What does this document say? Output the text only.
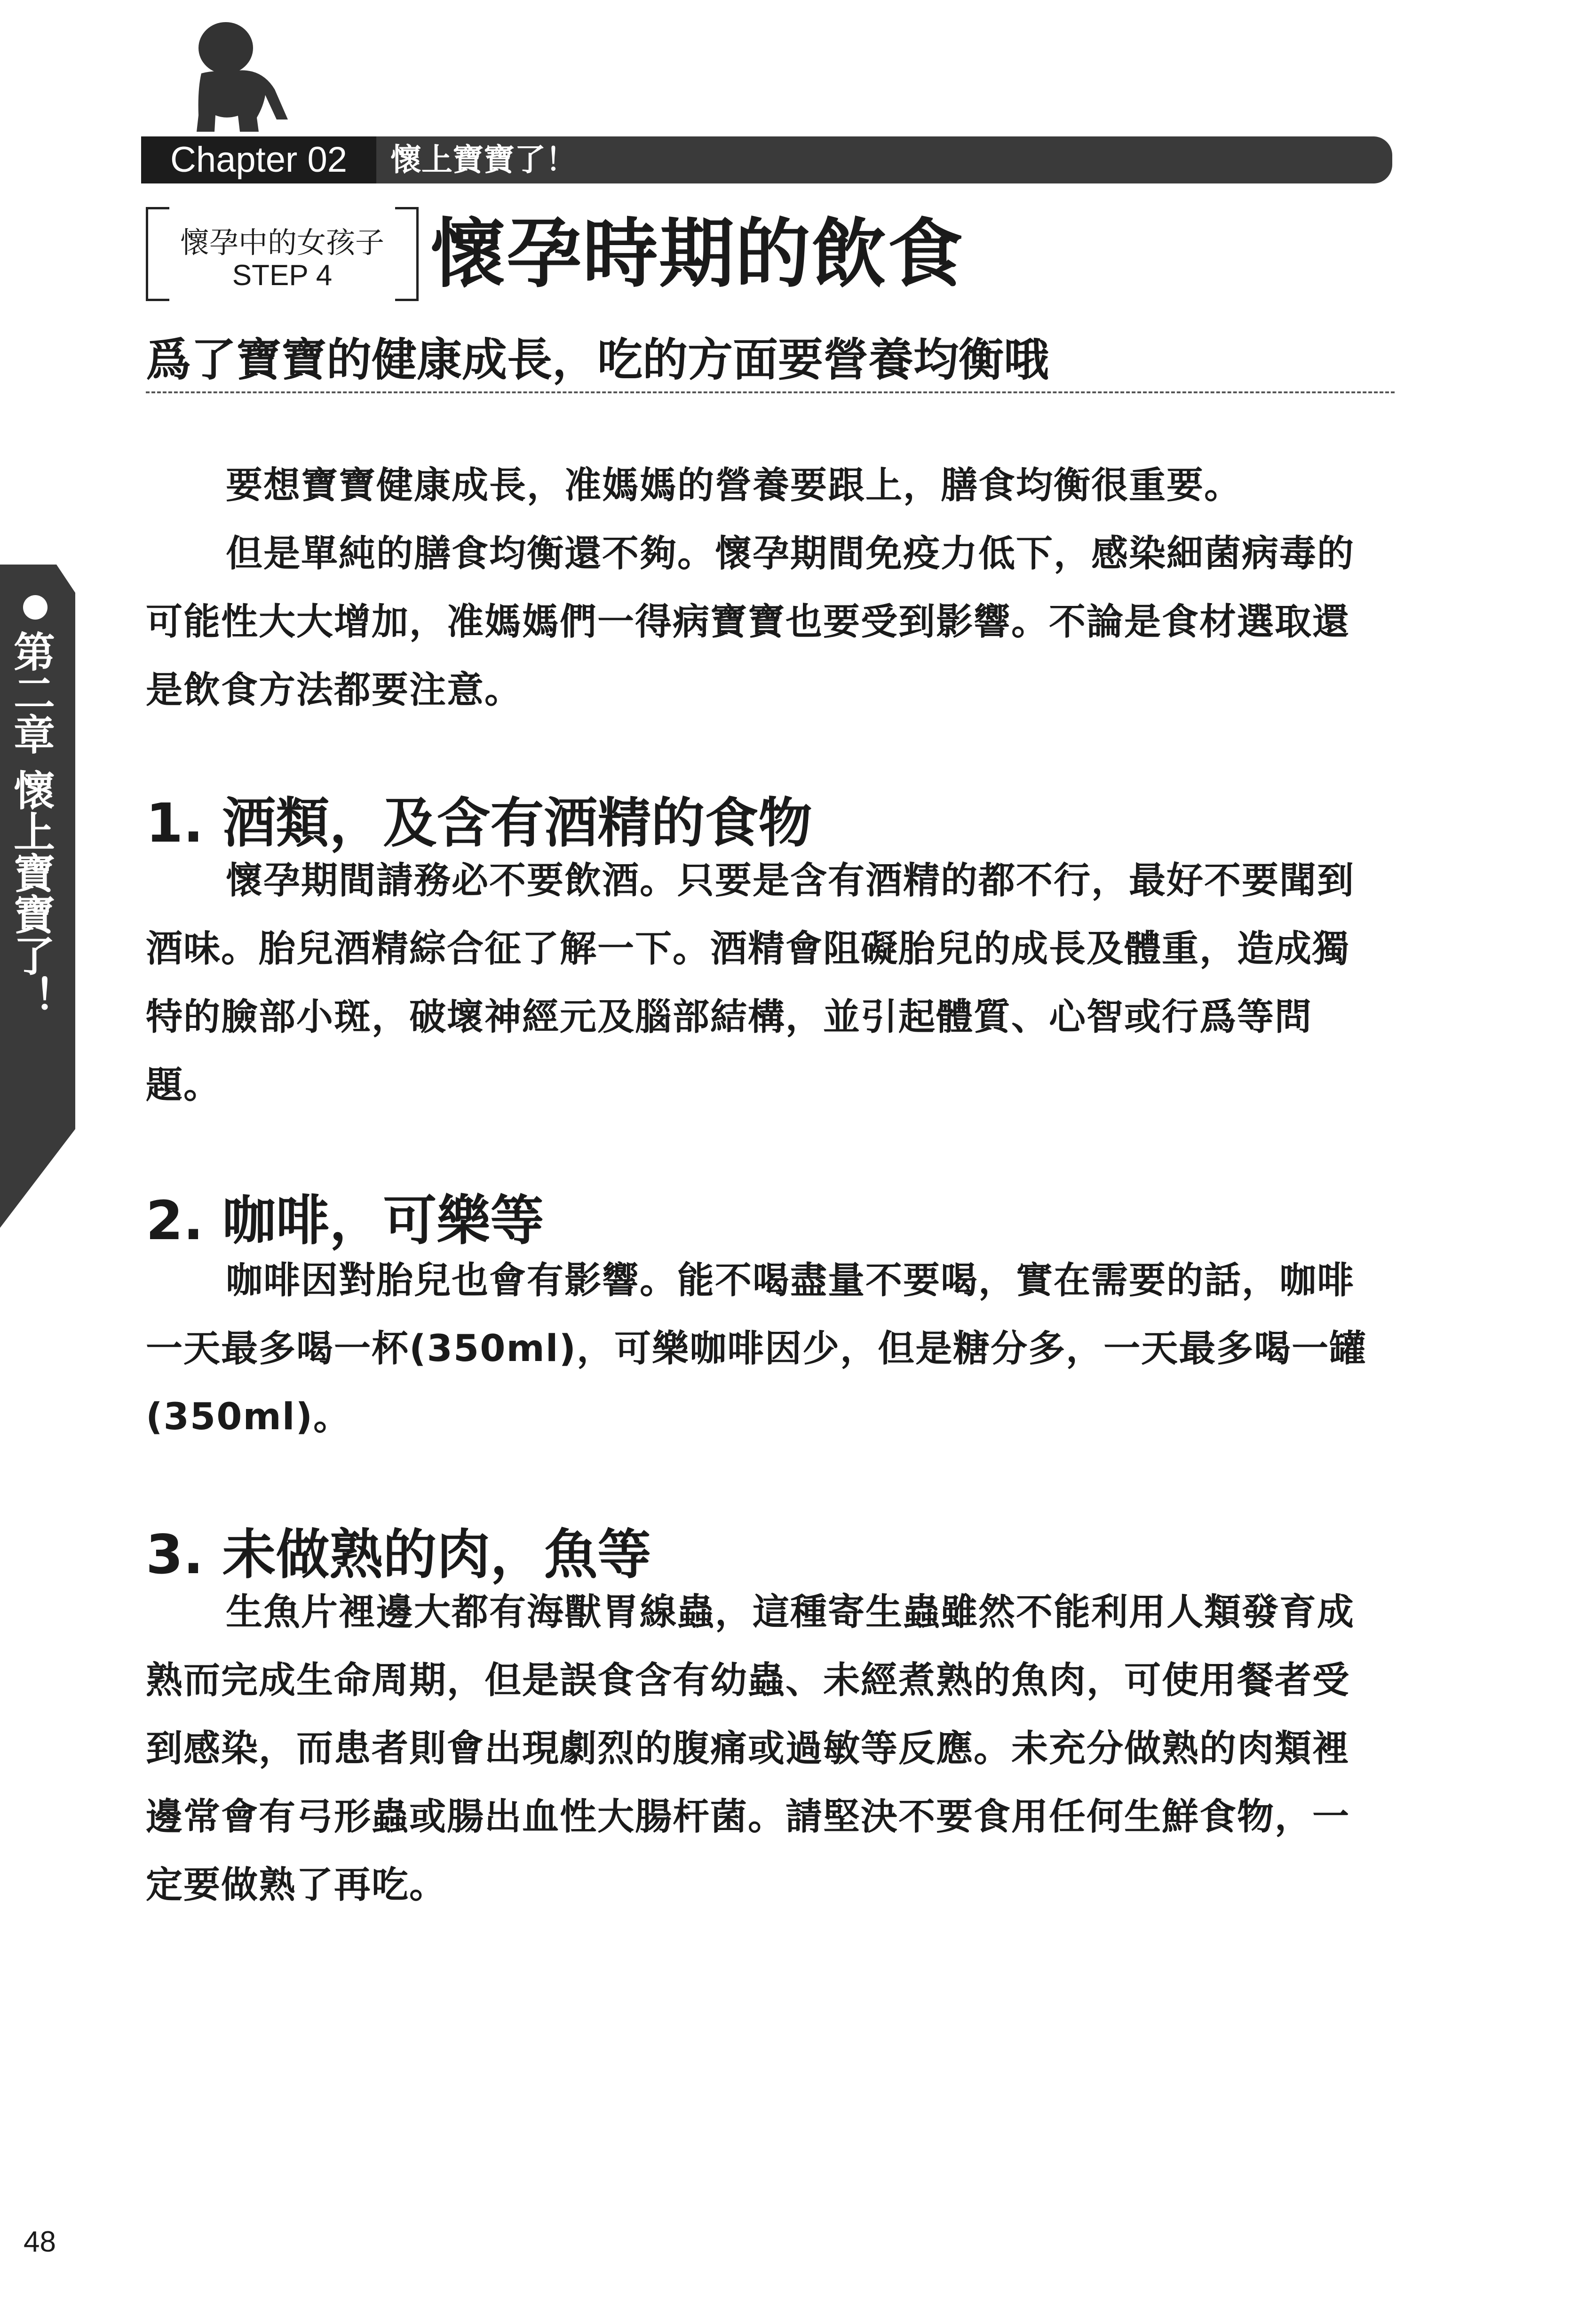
Chapter 02	懷上寶寶了！
懷孕中的女孩子
STEP 4	懷孕時期的飲食
爲了寶寶的健康成長，吃的方面要營養均衡哦

要想寶寶健康成長，准媽媽的營養要跟上，膳食均衡很重要。

但是單純的膳食均衡還不夠。懷孕期間免疫力低下，感染細菌病毒的可能性大大增加，准媽媽們一得病寶寶也要受到影響。不論是食材選取還是飲食方法都要注意。

1. 酒類，及含有酒精的食物

懷孕期間請務必不要飲酒。只要是含有酒精的都不行，最好不要聞到酒味。胎兒酒精綜合征了解一下。酒精會阻礙胎兒的成長及體重，造成獨特的臉部小斑，破壞神經元及腦部結構，並引起體質、心智或行爲等問題。

2. 咖啡，可樂等

咖啡因對胎兒也會有影響。能不喝盡量不要喝，實在需要的話，咖啡一天最多喝一杯(350ml)，可樂咖啡因少，但是糖分多，一天最多喝一罐(350ml)。

3. 未做熟的肉，魚等

生魚片裡邊大都有海獸胃線蟲，這種寄生蟲雖然不能利用人類發育成熟而完成生命周期，但是誤食含有幼蟲、未經煮熟的魚肉，可使用餐者受到感染，而患者則會出現劇烈的腹痛或過敏等反應。未充分做熟的肉類裡邊常會有弓形蟲或腸出血性大腸杆菌。請堅決不要食用任何生鮮食物，一定要做熟了再吃。

第二章 懷上寶寶了！
48
